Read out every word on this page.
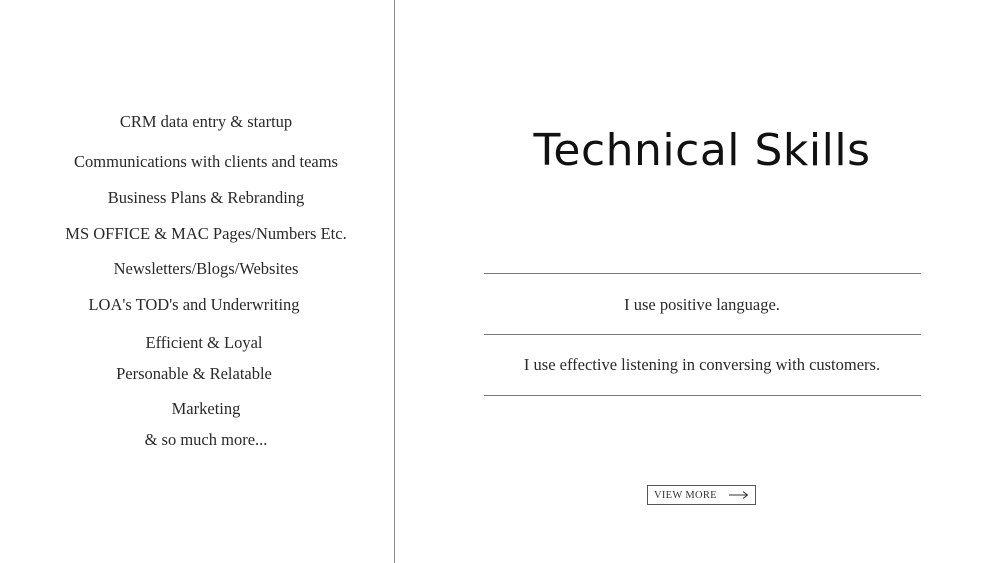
CRM data entry & startup
Communications with clients and teams
Business Plans & Rebranding
MS OFFICE & MAC Pages/Numbers Etc.
Newsletters/Blogs/Websites
LOA's TOD's and Underwriting
Efficient & Loyal
Personable & Relatable
Marketing
& so much more...
Technical Skills
I use positive language.
I use effective listening in conversing with customers.
VIEW MORE
